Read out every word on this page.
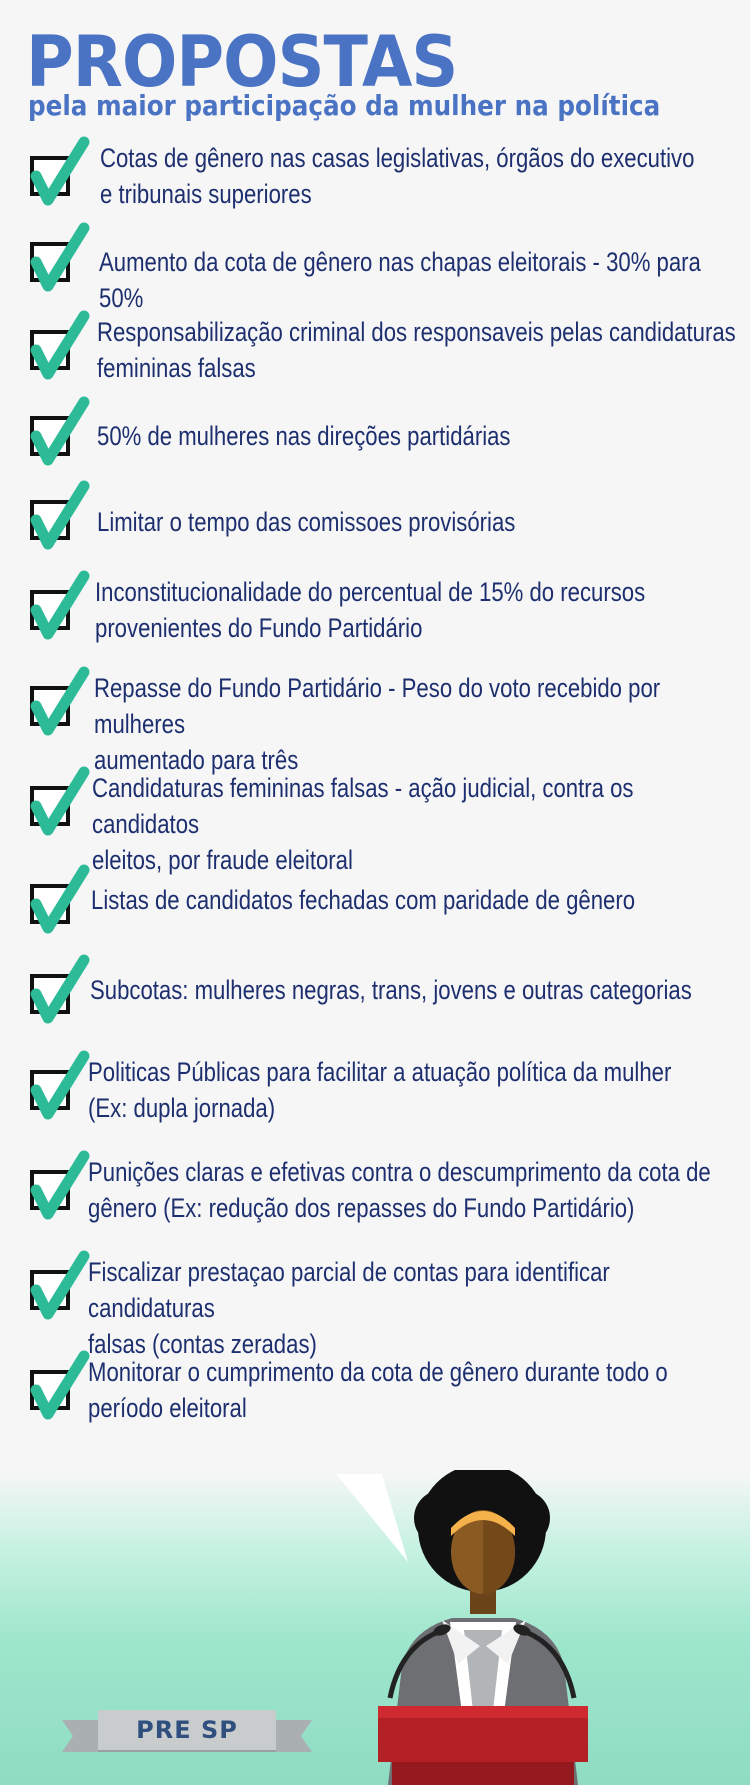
PROPOSTAS
pela maior participação da mulher na política
Cotas de gênero nas casas legislativas, órgãos do executivo
e tribunais superiores
Aumento da cota de gênero nas chapas eleitorais - 30% para 50%
Responsabilização criminal dos responsaveis pelas candidaturas
femininas falsas
50% de mulheres nas direções partidárias
Limitar o tempo das comissoes provisórias
Inconstitucionalidade do percentual de 15% do recursos
provenientes do Fundo Partidário
Repasse do Fundo Partidário - Peso do voto recebido por mulheres
aumentado para três
Candidaturas femininas falsas - ação judicial, contra os candidatos
eleitos, por fraude eleitoral
Listas de candidatos fechadas com paridade de gênero
Subcotas: mulheres negras, trans, jovens e outras categorias
Politicas Públicas para facilitar a atuação política da mulher
(Ex: dupla jornada)
Punições claras e efetivas contra o descumprimento da cota de
gênero (Ex: redução dos repasses do Fundo Partidário)
Fiscalizar prestaçao parcial de contas para identificar candidaturas
falsas (contas zeradas)
Monitorar o cumprimento da cota de gênero durante todo o
período eleitoral
PRE SP
